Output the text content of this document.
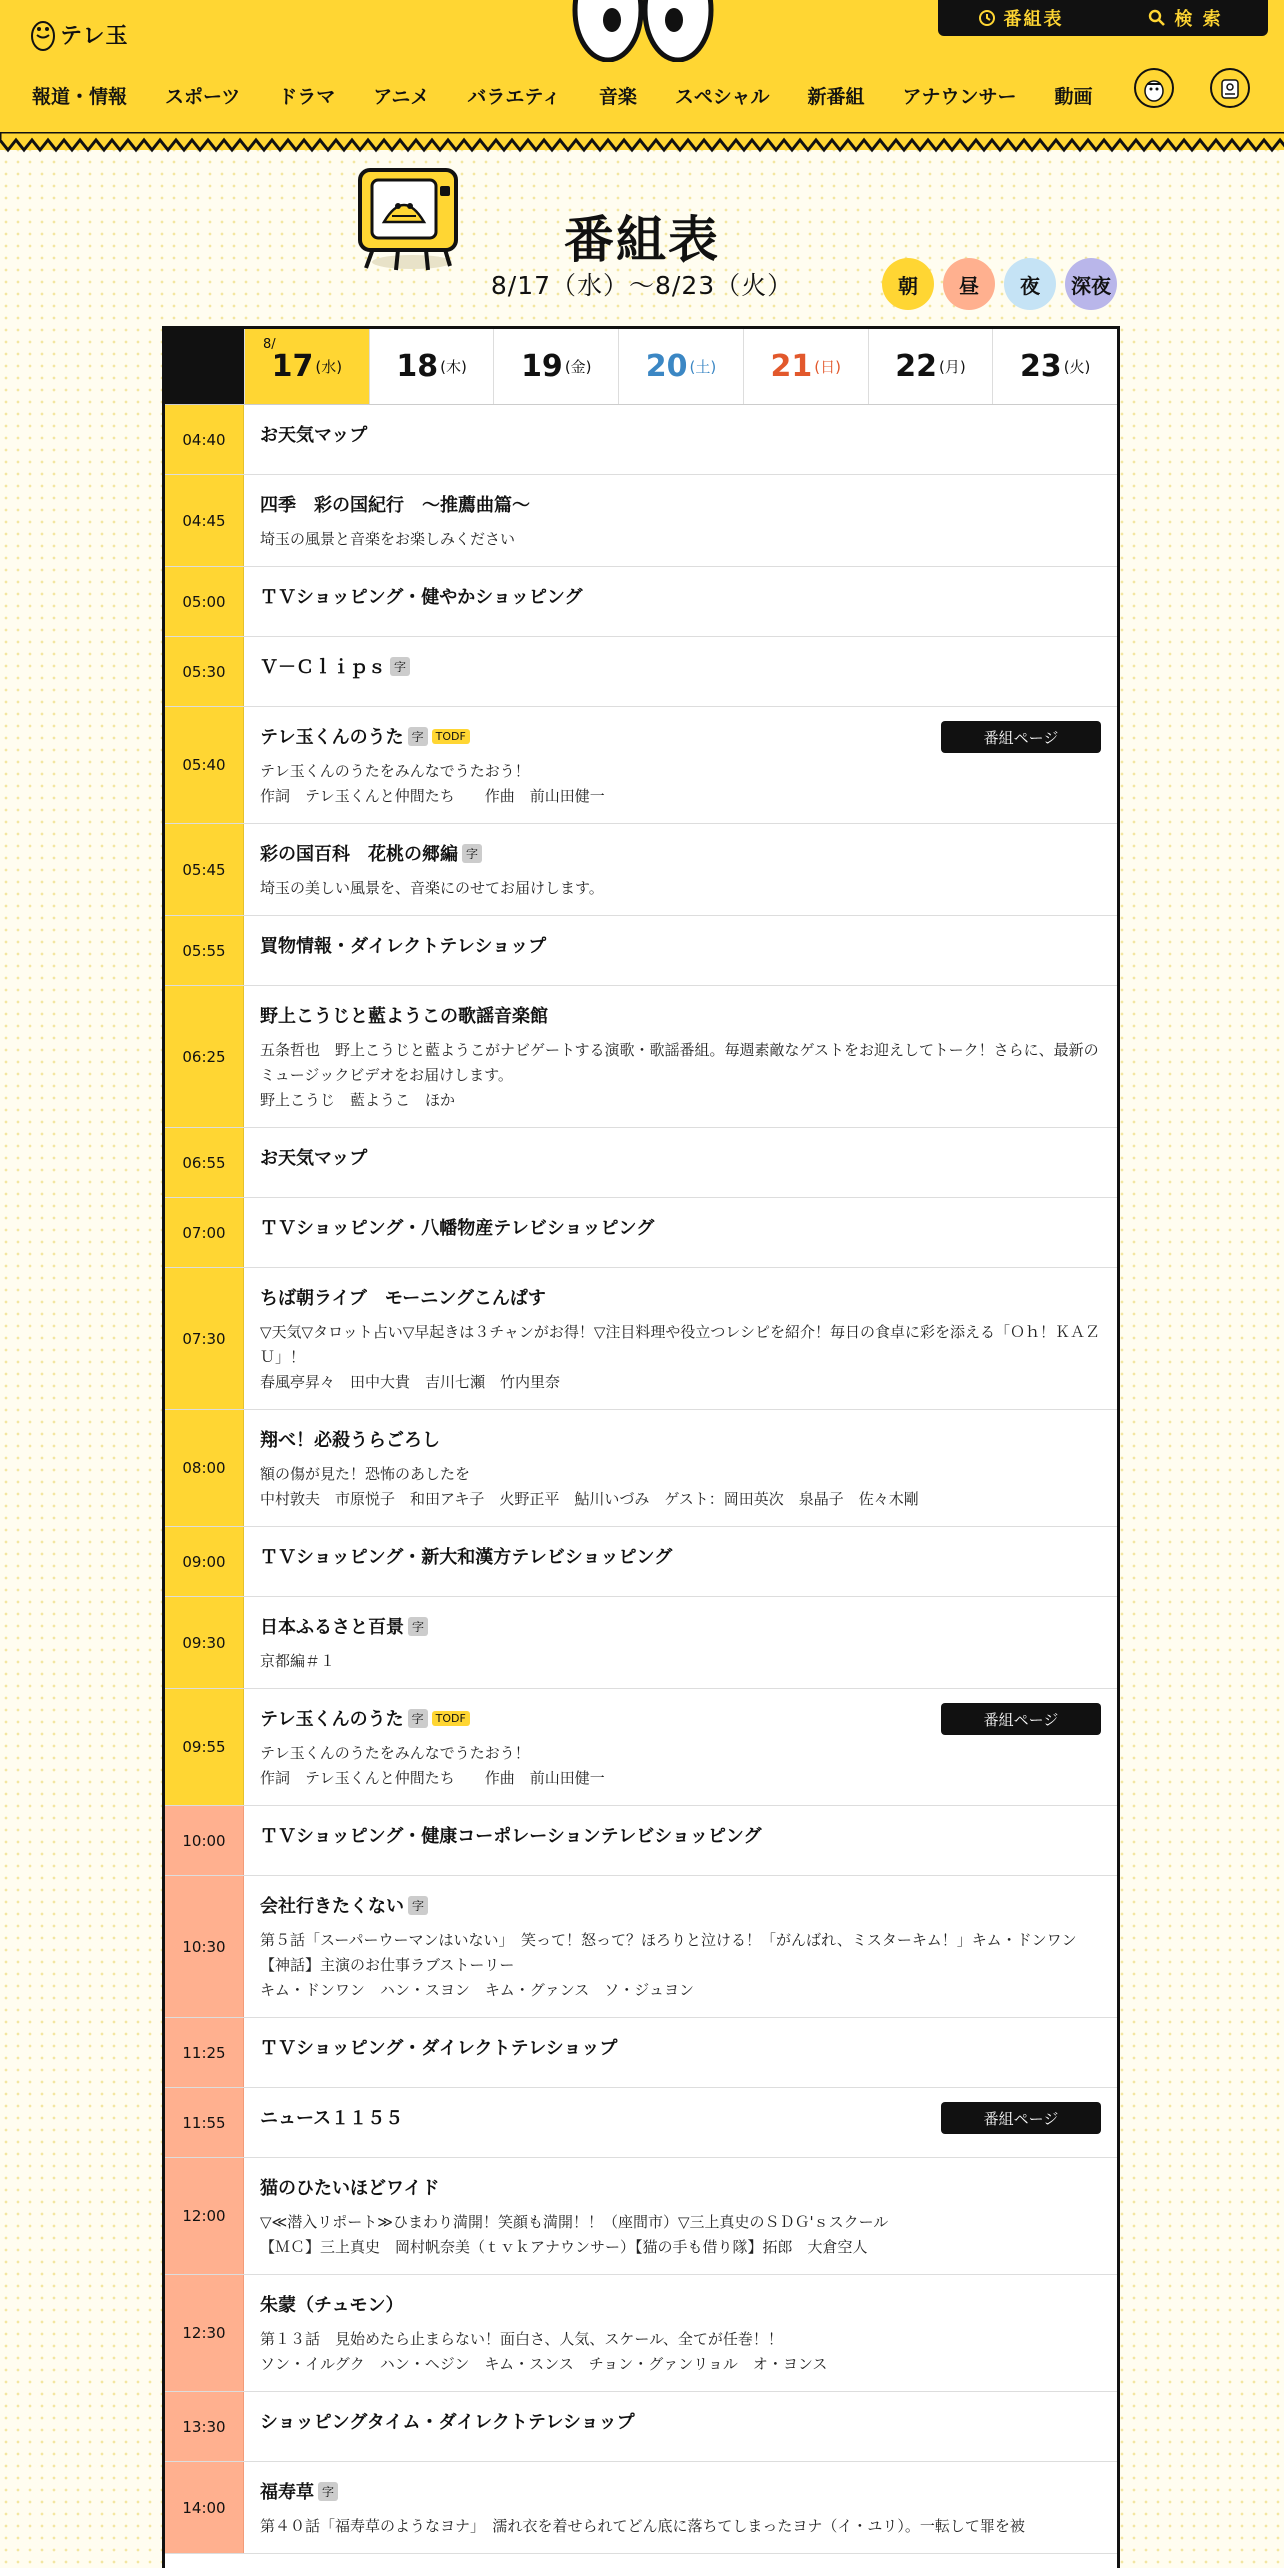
テレ玉
番組表	検 索
報道・情報 スポーツ ドラマ アニメ バラエティ 音楽 スペシャル 新番組 アナウンサー 動画
番組表
8/17（水）〜8/23（火）	朝	昼	夜	深夜
8/
17 (水) 18 (木) 19 (金) 20 (土) 21 (日) 22 (月) 23 (火)
04:40	お天気マップ
04:45
四季　彩の国紀行　～推薦曲篇～
埼玉の風景と音楽をお楽しみください
05:00	ＴＶショッピング・健やかショッピング
05:30	Ｖ－Ｃｌｉｐｓ 字
05:40
テレ玉くんのうた 字	TODF
テレ玉くんのうたをみんなでうたおう！
作詞　テレ玉くんと仲間たち　　作曲　前山田健一
番組ページ
05:45
彩の国百科　花桃の郷編 字
埼玉の美しい風景を、音楽にのせてお届けします。
05:55	買物情報・ダイレクトテレショップ
06:25
野上こうじと藍ようこの歌謡音楽館
五条哲也　野上こうじと藍ようこがナビゲートする演歌・歌謡番組。毎週素敵なゲストをお迎えしてトーク！さらに、最新のミュージックビデオをお届けします。
野上こうじ　藍ようこ　ほか
06:55	お天気マップ
07:00	ＴＶショッピング・八幡物産テレビショッピング
07:30
ちば朝ライブ　モーニングこんぱす
▽天気▽タロット占い▽早起きは３チャンがお得！▽注目料理や役立つレシピを紹介！毎日の食卓に彩を添える「Ｏｈ！ＫＡＺＵ」！
春風亭昇々　田中大貴　吉川七瀬　竹内里奈
08:00
翔べ！必殺うらごろし
額の傷が見た！恐怖のあしたを
中村敦夫　市原悦子　和田アキ子　火野正平　鮎川いづみ　ゲスト：岡田英次　泉晶子　佐々木剛
09:00	ＴＶショッピング・新大和漢方テレビショッピング
09:30
日本ふるさと百景 字
京都編＃１
09:55
テレ玉くんのうた 字	TODF
テレ玉くんのうたをみんなでうたおう！
作詞　テレ玉くんと仲間たち　　作曲　前山田健一
番組ページ
10:00	ＴＶショッピング・健康コーポレーションテレビショッピング
10:30
会社行きたくない 字
第５話「スーパーウーマンはいない」　笑って！怒って？ほろりと泣ける！「がんばれ、ミスターキム！」キム・ドンワン【神話】主演のお仕事ラブストーリー
キム・ドンワン　ハン・スヨン　キム・グァンス　ソ・ジュヨン
11:25	ＴＶショッピング・ダイレクトテレショップ
11:55	ニュース１１５５	番組ページ
12:00
猫のひたいほどワイド
▽≪潜入リポート≫ひまわり満開！笑顔も満開！！（座間市）▽三上真史のＳＤＧ'ｓスクール
【ＭＣ】三上真史　岡村帆奈美（ｔｖｋアナウンサー）【猫の手も借り隊】拓郎　大倉空人
12:30
朱蒙（チュモン）
第１３話　見始めたら止まらない！面白さ、人気、スケール、全てが任巻！！
ソン・イルグク　ハン・ヘジン　キム・スンス　チョン・グァンリョル　オ・ヨンス
13:30	ショッピングタイム・ダイレクトテレショップ
14:00
福寿草 字
第４０話「福寿草のようなヨナ」　濡れ衣を着せられてどん底に落ちてしまったヨナ（イ・ユリ）。一転して罪を被
